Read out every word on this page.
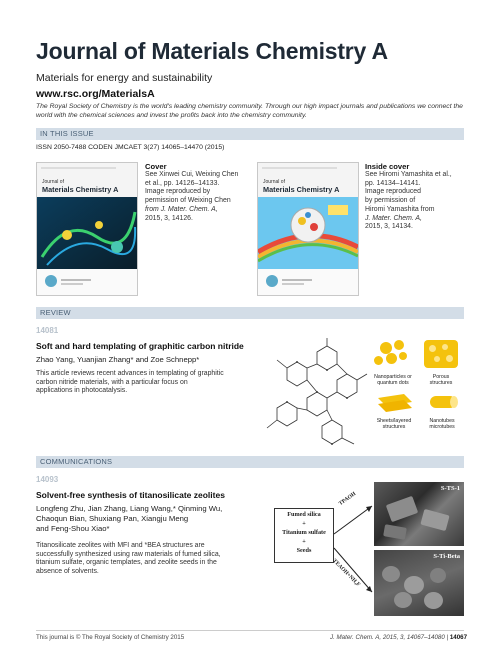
Journal of Materials Chemistry A
Materials for energy and sustainability
www.rsc.org/MaterialsA
The Royal Society of Chemistry is the world's leading chemistry community. Through our high impact journals and publications we connect the world with the chemical sciences and invest the profits back into the chemistry community.
IN THIS ISSUE
ISSN 2050-7488 CODEN JMCAET 3(27) 14065–14470 (2015)
Journal of
Materials Chemistry A
Cover
See Xinwei Cui, Weixing Chen
et al., pp. 14126–14133.
Image reproduced by
permission of Weixing Chen
from J. Mater. Chem. A,
2015, 3, 14126.
Journal of
Materials Chemistry A
Inside cover
See Hiromi Yamashita et al.,
pp. 14134–14141.
Image reproduced
by permission of
Hiromi Yamashita from
J. Mater. Chem. A,
2015, 3, 14134.
REVIEW
14081
Soft and hard templating of graphitic carbon nitride
Zhao Yang, Yuanjian Zhang* and Zoe Schnepp*
This article reviews recent advances in templating of graphitic
carbon nitride materials, with a particular focus on
applications in photocatalysis.
Nanoparticles or
quantum dots
Porous
structures
Sheets/layered
structures
Nanotubes
microtubes
COMMUNICATIONS
14093
Solvent-free synthesis of titanosilicate zeolites
Longfeng Zhu, Jian Zhang, Liang Wang,* Qinming Wu,
Chaoqun Bian, Shuxiang Pan, Xiangju Meng
and Feng-Shou Xiao*
Titanosilicate zeolites with MFI and *BEA structures are
successfully synthesized using raw materials of fumed silica,
titanium sulfate, organic templates, and zeolite seeds in the
absence of solvents.
Fumed silica
+
Titanium sulfate
+
Seeds
TPAOH
TEAOH+NH₄F
S-TS-1
S-Ti-Beta
This journal is © The Royal Society of Chemistry 2015	J. Mater. Chem. A, 2015, 3, 14067–14080 | 14067
